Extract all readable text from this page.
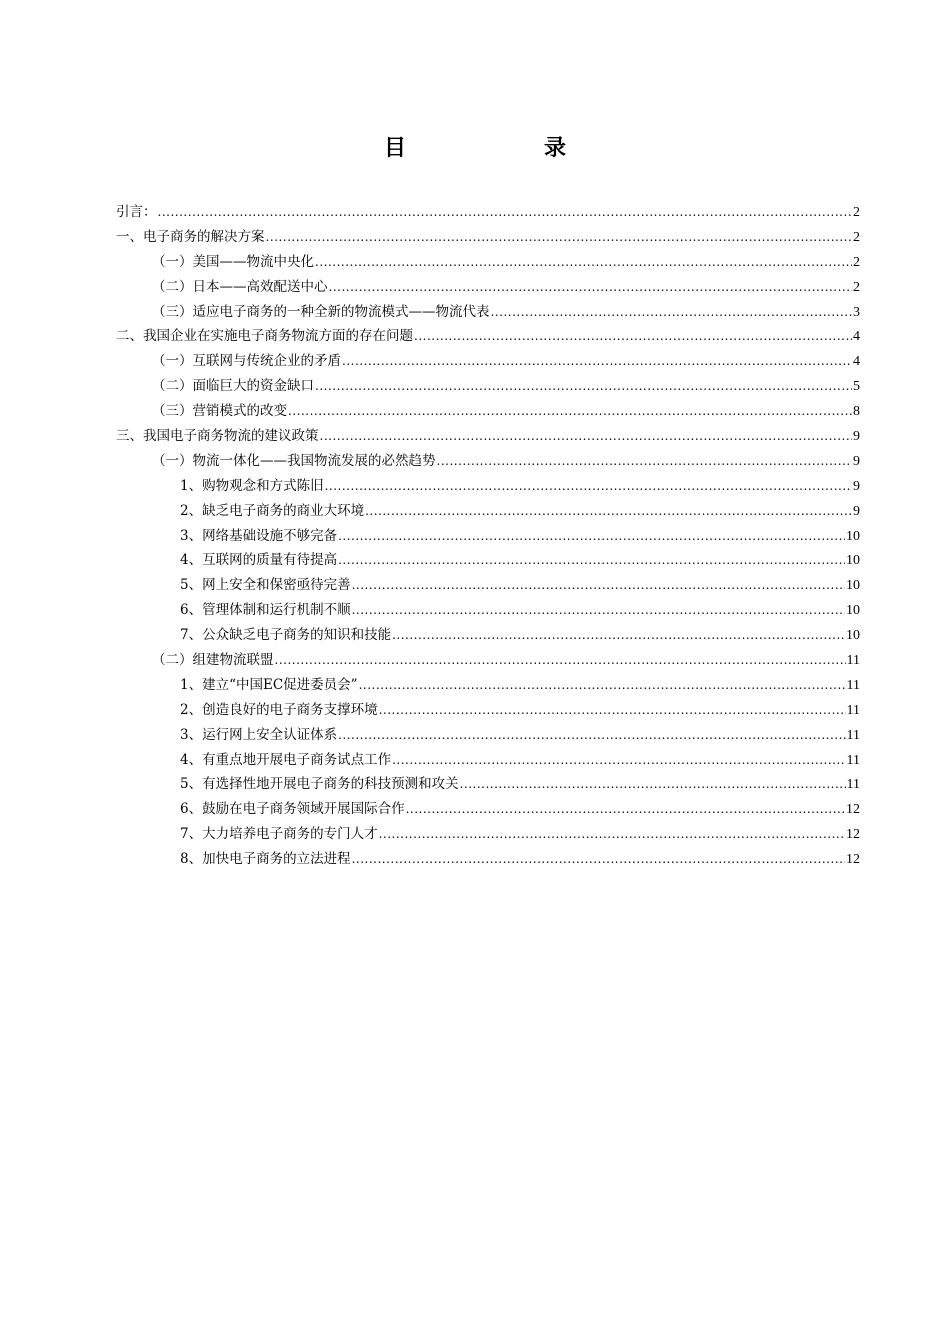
目　录
引言： .....	2
一、电子商务的解决方案 .....	2
（一）美国——物流中央化 .....	2
（二）日本——高效配送中心 .....	2
（三）适应电子商务的一种全新的物流模式——物流代表 .....	3
二、我国企业在实施电子商务物流方面的存在问题 .....	4
（一）互联网与传统企业的矛盾 .....	4
（二）面临巨大的资金缺口 .....	5
（三）营销模式的改变 .....	8
三、我国电子商务物流的建议政策 .....	9
（一）物流一体化——我国物流发展的必然趋势 .....	9
1、购物观念和方式陈旧 .....	9
2、缺乏电子商务的商业大环境 .....	9
3、网络基础设施不够完备 .....	10
4、互联网的质量有待提高 .....	10
5、网上安全和保密亟待完善 .....	10
6、管理体制和运行机制不顺 .....	10
7、公众缺乏电子商务的知识和技能 .....	10
（二）组建物流联盟 .....	11
1、建立“中国EC促进委员会” .....	11
2、创造良好的电子商务支撑环境 .....	11
3、运行网上安全认证体系 .....	11
4、有重点地开展电子商务试点工作 .....	11
5、有选择性地开展电子商务的科技预测和攻关 .....	11
6、鼓励在电子商务领域开展国际合作 .....	12
7、大力培养电子商务的专门人才 .....	12
8、加快电子商务的立法进程 .....	12
